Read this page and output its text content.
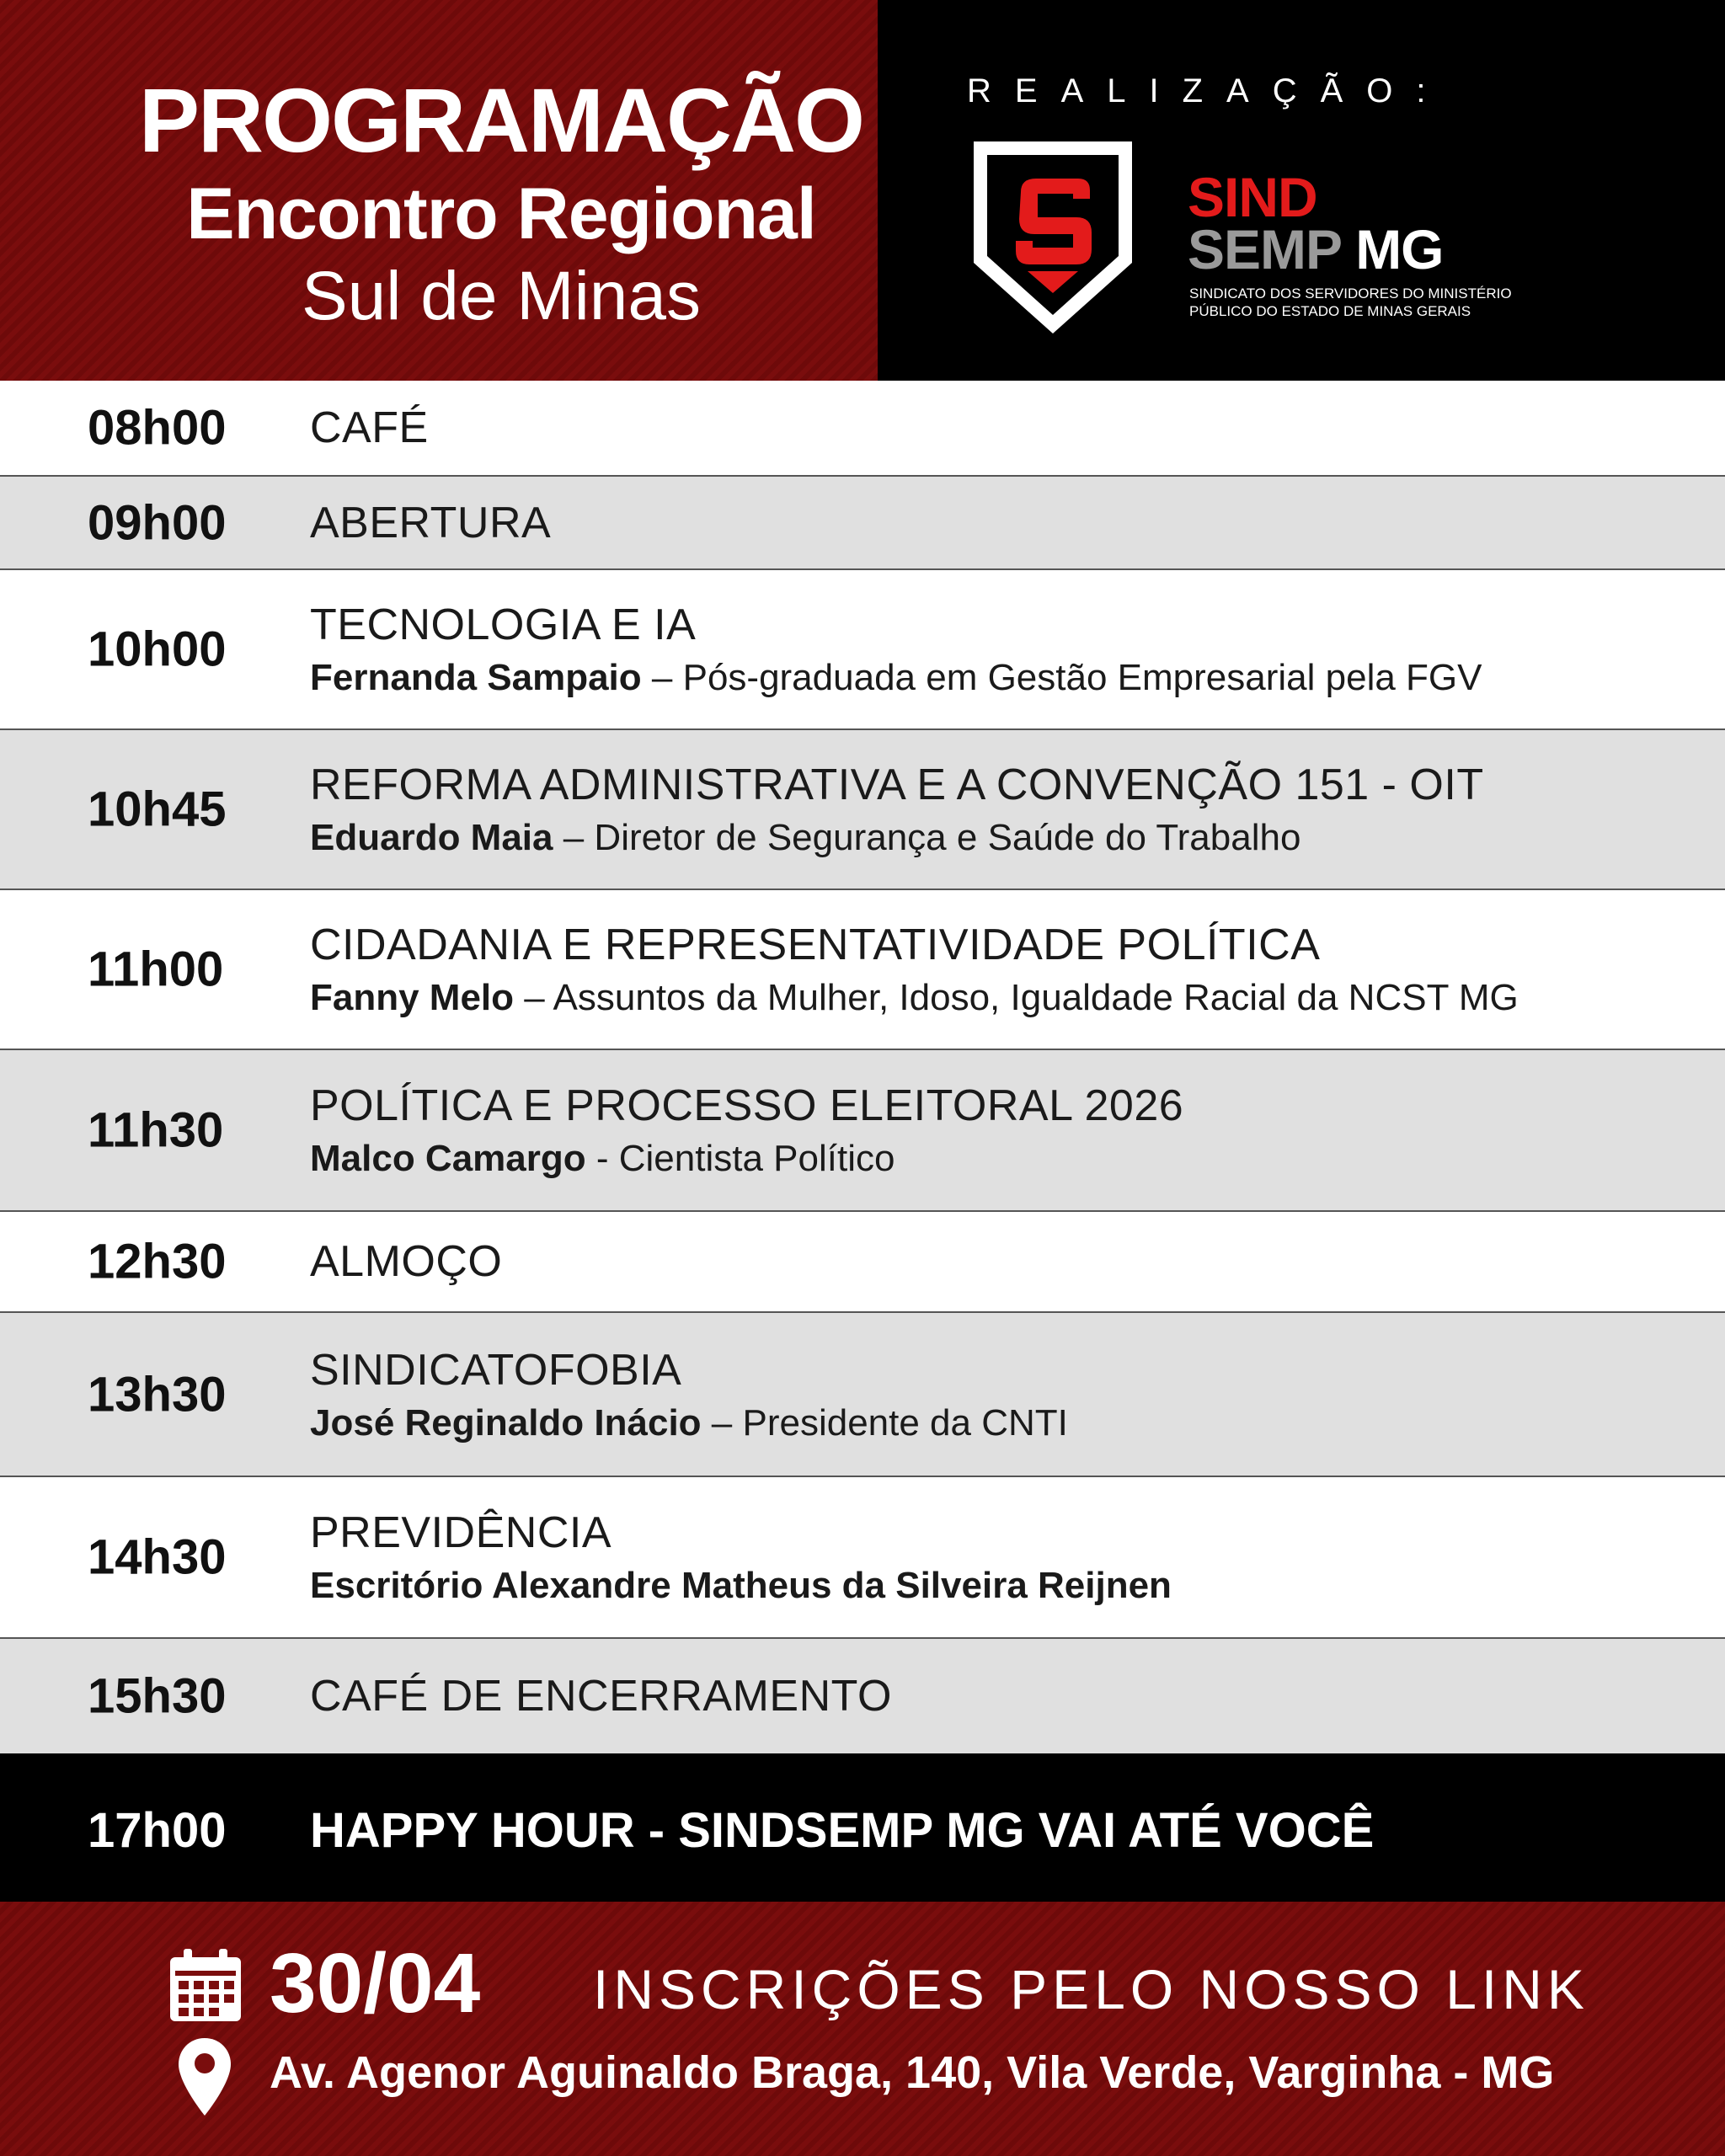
PROGRAMAÇÃO
Encontro Regional
Sul de Minas
REALIZAÇÃO:
SIND
SEMP MG
SINDICATO DOS SERVIDORES DO MINISTÉRIO
PÚBLICO DO ESTADO DE MINAS GERAIS
08h00 CAFÉ
09h00 ABERTURA
10h00 TECNOLOGIA E IA
Fernanda Sampaio – Pós-graduada em Gestão Empresarial pela FGV
10h45 REFORMA ADMINISTRATIVA E A CONVENÇÃO 151 - OIT
Eduardo Maia – Diretor de Segurança e Saúde do Trabalho
11h00 CIDADANIA E REPRESENTATIVIDADE POLÍTICA
Fanny Melo – Assuntos da Mulher, Idoso, Igualdade Racial da NCST MG
11h30 POLÍTICA E PROCESSO ELEITORAL 2026
Malco Camargo - Cientista Político
12h30 ALMOÇO
13h30 SINDICATOFOBIA
José Reginaldo Inácio – Presidente da CNTI
14h30 PREVIDÊNCIA
Escritório Alexandre Matheus da Silveira Reijnen
15h30 CAFÉ DE ENCERRAMENTO
17h00 HAPPY HOUR - SINDSEMP MG VAI ATÉ VOCÊ
30/04 INSCRIÇÕES PELO NOSSO LINK
Av. Agenor Aguinaldo Braga, 140, Vila Verde, Varginha - MG
